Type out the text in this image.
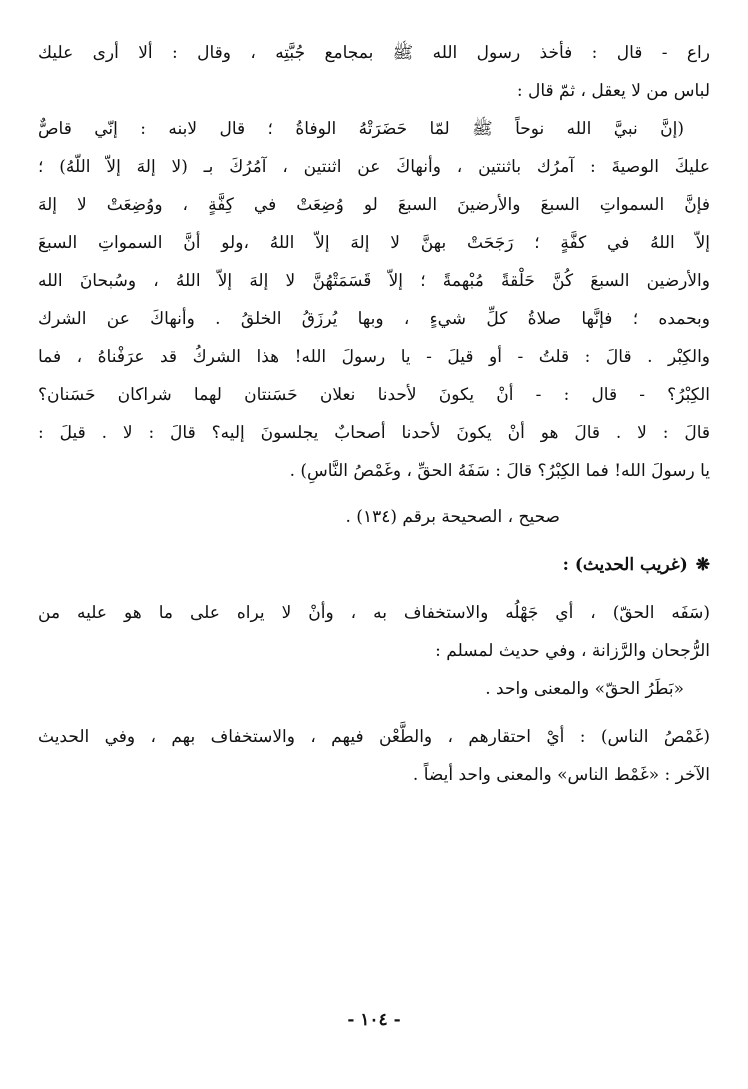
راع - قال : فأخذ رسول الله ﷺ بمجامع جُبَّتِه ، وقال : ألا أرى عليك
لباس من لا يعقل ، ثمّ قال :
(إنَّ نبيَّ الله نوحاً ﷺ لمّا حَضَرَتْهُ الوفاةُ ؛ قال لابنه : إنّي قاصٌّ
عليكَ الوصيةَ : آمرُك باثنتين ، وأنهاكَ عن اثنتين ، آمُرُكَ بـ (لا إلهَ إلاّ اللّهُ) ؛
فإنَّ السمواتِ السبعَ والأرضينَ السبعَ لو وُضِعَتْ في كِفَّةٍ ، ووُضِعَتْ لا إلهَ
إلاّ اللهُ في كفَّةٍ ؛ رَجَحَتْ بهنَّ لا إلهَ إلاّ اللهُ ،ولو أنَّ السمواتِ السبعَ
والأرضين السبعَ كُنَّ حَلْقةً مُبْهمةً ؛ إلاّ قَسَمَتْهُنَّ لا إلهَ إلاّ اللهُ ، وسُبحانَ الله
وبحمده ؛ فإنَّها صلاةُ كلِّ شيءٍ ، وبها يُرزَقُ الخلقُ . وأنهاكَ عن الشرك
والكِبْر . قالَ : قلتُ - أو قيلَ - يا رسولَ الله! هذا الشركُ قد عرَفْناهُ ، فما
الكِبْرُ؟ - قال : - أنْ يكونَ لأحدنا نعلان حَسَنتان لهما شراكان حَسَنان؟
قالَ : لا . قالَ هو أنْ يكونَ لأحدنا أصحابٌ يجلسونَ إليه؟ قالَ : لا . قيلَ :
يا رسولَ الله! فما الكِبْرُ؟ قالَ : سَفَهُ الحقِّ ، وغَمْصُ النَّاسِ) .
صحيح ، الصحيحة برقم (١٣٤) .
❋(غريب الحديث) :
(سَفَه الحقّ) ، أي جَهْلُه والاستخفاف به ، وأنْ لا يراه على ما هو عليه من
الرُّجحان والرَّزانة ، وفي حديث لمسلم :
«بَطَرُ الحقّ» والمعنى واحد .
(غَمْصُ الناس) : أيْ احتقارهم ، والطَّعْن فيهم ، والاستخفاف بهم ، وفي الحديث
الآخر : «غَمْط الناس» والمعنى واحد أيضاً .
- ١٠٤ -
